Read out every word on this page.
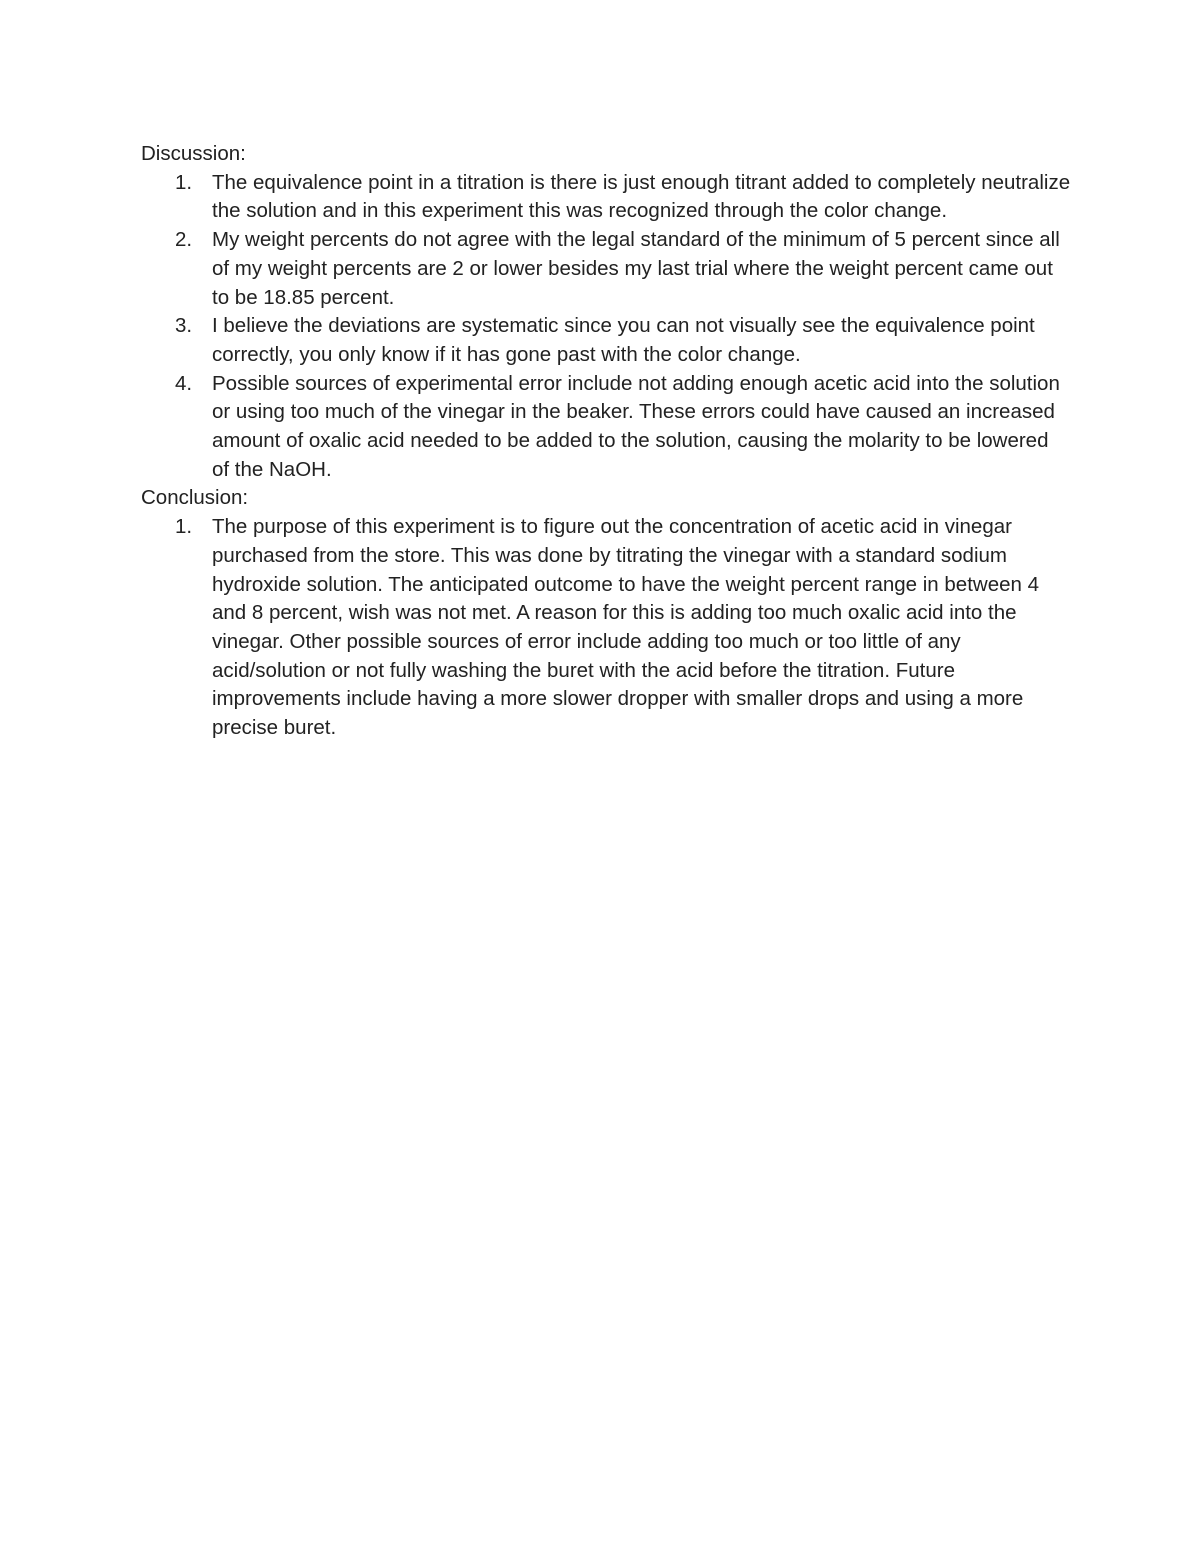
Discussion:

1. The equivalence point in a titration is there is just enough titrant added to completely neutralize the solution and in this experiment this was recognized through the color change.
2. My weight percents do not agree with the legal standard of the minimum of 5 percent since all of my weight percents are 2 or lower besides my last trial where the weight percent came out to be 18.85 percent.
3. I believe the deviations are systematic since you can not visually see the equivalence point correctly, you only know if it has gone past with the color change.
4. Possible sources of experimental error include not adding enough acetic acid into the solution or using too much of the vinegar in the beaker. These errors could have caused an increased amount of oxalic acid needed to be added to the solution, causing the molarity to be lowered of the NaOH.

Conclusion:

1. The purpose of this experiment is to figure out the concentration of acetic acid in vinegar purchased from the store. This was done by titrating the vinegar with a standard sodium hydroxide solution. The anticipated outcome to have the weight percent range in between 4 and 8 percent, wish was not met. A reason for this is adding too much oxalic acid into the vinegar. Other possible sources of error include adding too much or too little of any acid/solution or not fully washing the buret with the acid before the titration. Future improvements include having a more slower dropper with smaller drops and using a more precise buret.
